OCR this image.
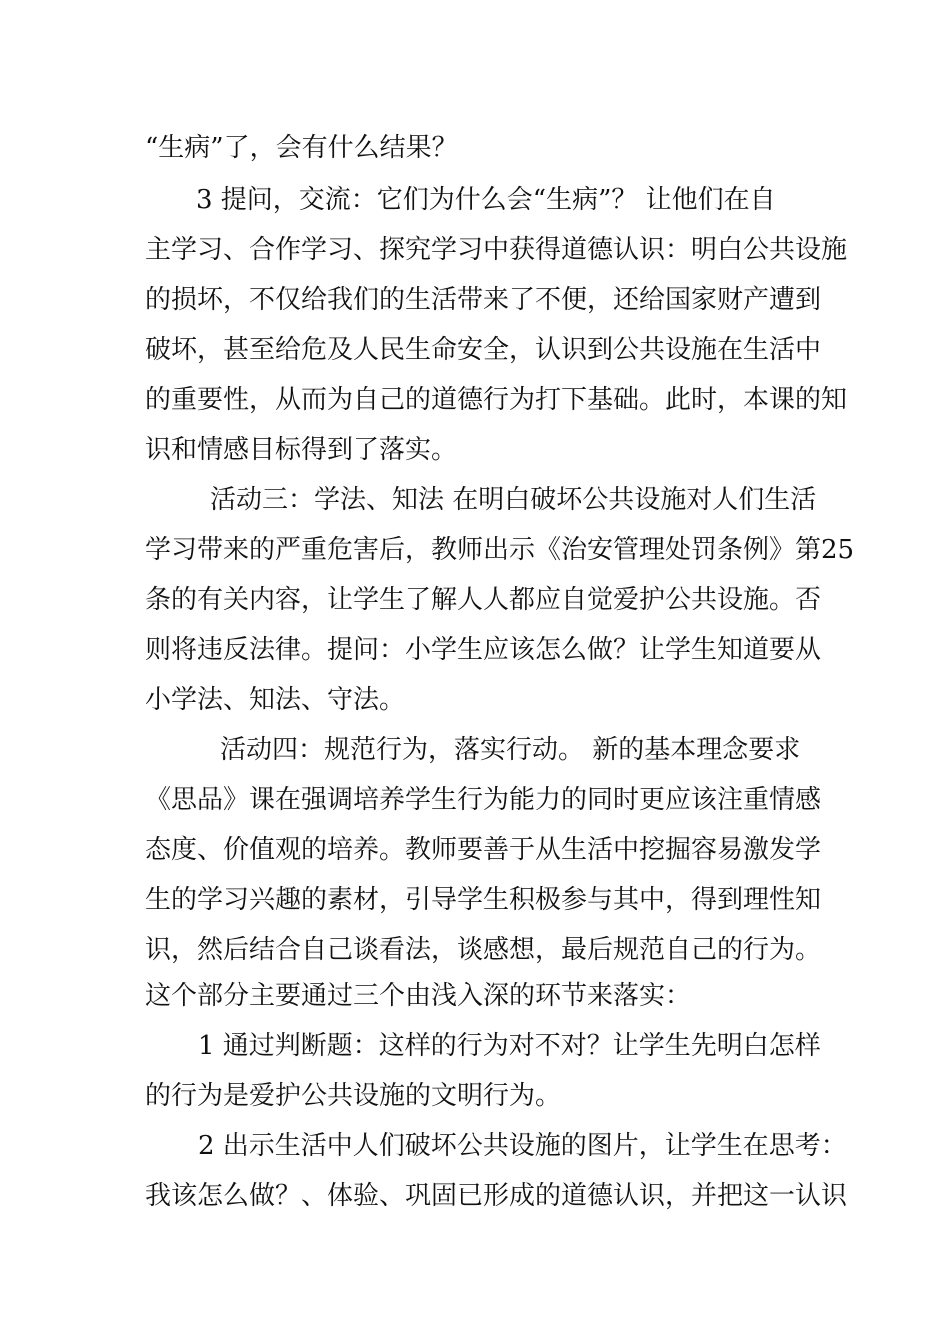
“生病”了，会有什么结果？
3 提问，交流：它们为什么会“生病”？ 让他们在自
主学习、合作学习、探究学习中获得道德认识：明白公共设施
的损坏，不仅给我们的生活带来了不便，还给国家财产遭到
破坏，甚至给危及人民生命安全，认识到公共设施在生活中
的重要性，从而为自己的道德行为打下基础。此时，本课的知
识和情感目标得到了落实。
活动三：学法、知法 在明白破坏公共设施对人们生活
学习带来的严重危害后，教师出示《治安管理处罚条例》第25
条的有关内容，让学生了解人人都应自觉爱护公共设施。否
则将违反法律。提问：小学生应该怎么做？让学生知道要从
小学法、知法、守法。
活动四：规范行为，落实行动。 新的基本理念要求
《思品》课在强调培养学生行为能力的同时更应该注重情感
态度、价值观的培养。教师要善于从生活中挖掘容易激发学
生的学习兴趣的素材，引导学生积极参与其中，得到理性知
识，然后结合自己谈看法，谈感想，最后规范自己的行为。
这个部分主要通过三个由浅入深的环节来落实：
1 通过判断题：这样的行为对不对？让学生先明白怎样
的行为是爱护公共设施的文明行为。
2 出示生活中人们破坏公共设施的图片，让学生在思考：
我该怎么做？、体验、巩固已形成的道德认识，并把这一认识
